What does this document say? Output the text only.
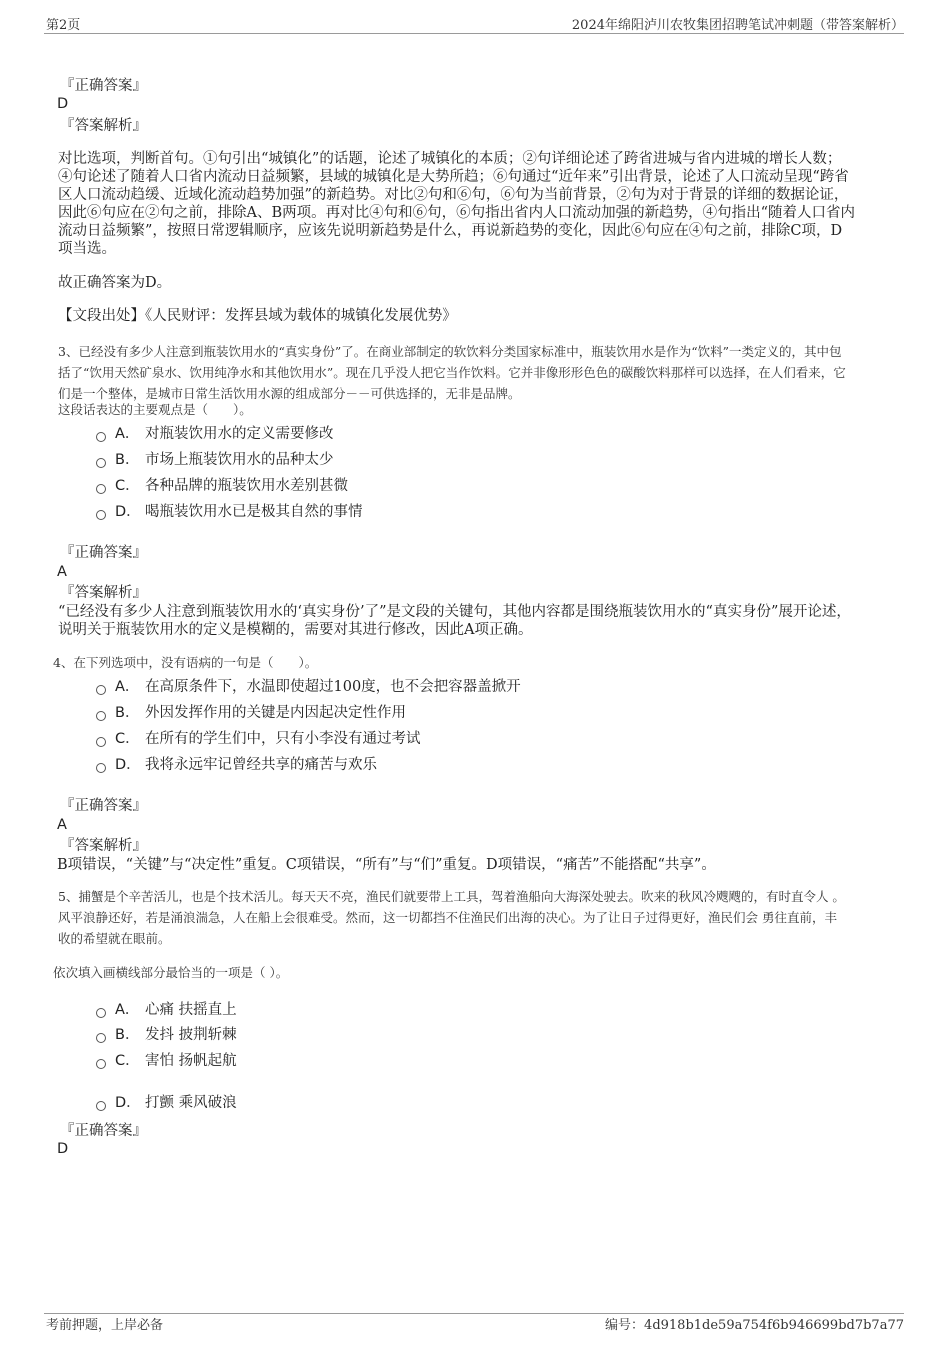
第2页	2024年绵阳泸川农牧集团招聘笔试冲刺题（带答案解析）
『正确答案』
D
『答案解析』
对比选项，判断首句。①句引出“城镇化”的话题，论述了城镇化的本质；②句详细论述了跨省进城与省内进城的增长人数；
④句论述了随着人口省内流动日益频繁，县域的城镇化是大势所趋；⑥句通过“近年来”引出背景，论述了人口流动呈现“跨省
区人口流动趋缓、近域化流动趋势加强”的新趋势。对比②句和⑥句，⑥句为当前背景，②句为对于背景的详细的数据论证，
因此⑥句应在②句之前，排除A、B两项。再对比④句和⑥句，⑥句指出省内人口流动加强的新趋势，④句指出“随着人口省内
流动日益频繁”，按照日常逻辑顺序，应该先说明新趋势是什么，再说新趋势的变化，因此⑥句应在④句之前，排除C项，D
项当选。
故正确答案为D。
【文段出处】《人民财评：发挥县域为载体的城镇化发展优势》
3、已经没有多少人注意到瓶装饮用水的“真实身份”了。在商业部制定的软饮料分类国家标准中，瓶装饮用水是作为“饮料”一类定义的，其中包
括了“饮用天然矿泉水、饮用纯净水和其他饮用水”。现在几乎没人把它当作饮料。它并非像形形色色的碳酸饮料那样可以选择，在人们看来，它
们是一个整体，是城市日常生活饮用水源的组成部分－－可供选择的，无非是品牌。
这段话表达的主要观点是（　　）。
A． 对瓶装饮用水的定义需要修改
B． 市场上瓶装饮用水的品种太少
C． 各种品牌的瓶装饮用水差别甚微
D． 喝瓶装饮用水已是极其自然的事情
『正确答案』
A
『答案解析』
“已经没有多少人注意到瓶装饮用水的‘真实身份’了”是文段的关键句，其他内容都是围绕瓶装饮用水的“真实身份”展开论述，
说明关于瓶装饮用水的定义是模糊的，需要对其进行修改，因此A项正确。
4、在下列选项中，没有语病的一句是（　　）。
A． 在高原条件下，水温即使超过100度，也不会把容器盖掀开
B． 外因发挥作用的关键是内因起决定性作用
C． 在所有的学生们中，只有小李没有通过考试
D． 我将永远牢记曾经共享的痛苦与欢乐
『正确答案』
A
『答案解析』
B项错误，“关键”与“决定性”重复。C项错误，“所有”与“们”重复。D项错误，“痛苦”不能搭配“共享”。
5、捕蟹是个辛苦活儿，也是个技术活儿。每天天不亮，渔民们就要带上工具，驾着渔船向大海深处驶去。吹来的秋风冷飕飕的，有时直令人 。
风平浪静还好，若是涌浪湍急，人在船上会很难受。然而，这一切都挡不住渔民们出海的决心。为了让日子过得更好，渔民们会 勇往直前，丰
收的希望就在眼前。
依次填入画横线部分最恰当的一项是（ ）。
A． 心痛 扶摇直上
B． 发抖 披荆斩棘
C． 害怕 扬帆起航
D． 打颤 乘风破浪
『正确答案』
D
考前押题，上岸必备	编号：4d918b1de59a754f6b946699bd7b7a77
